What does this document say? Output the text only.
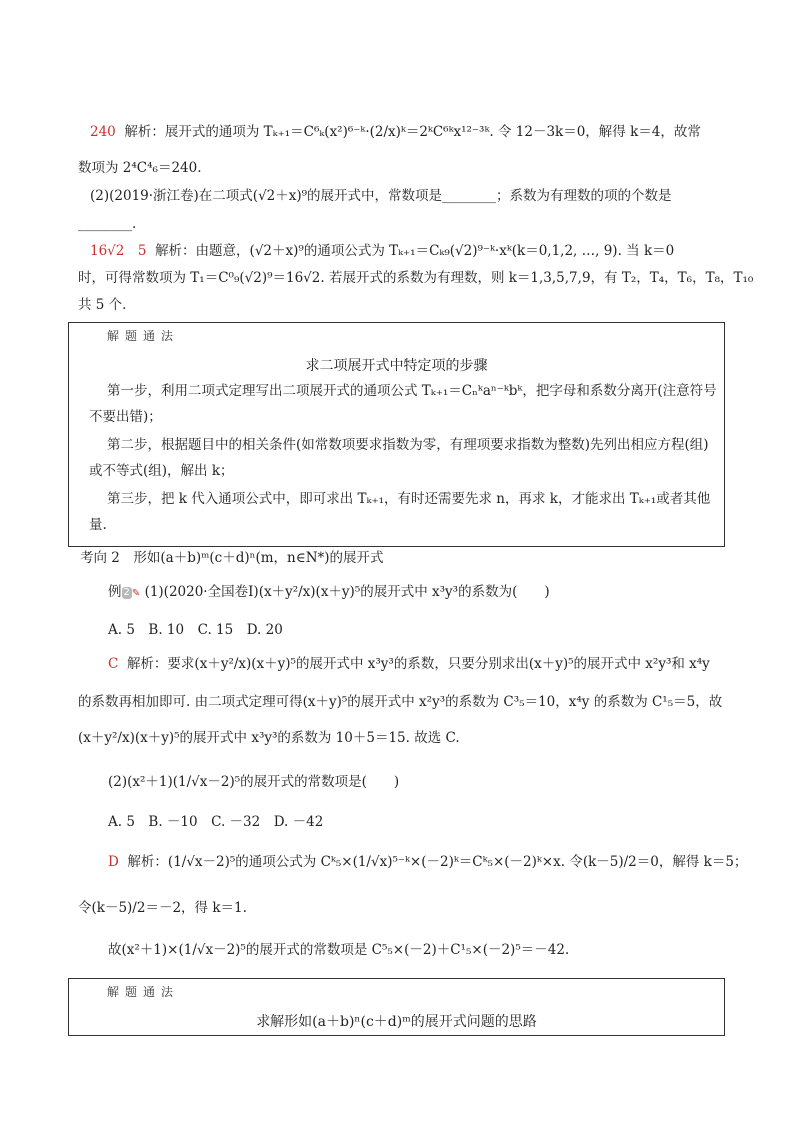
240 解析：展开式的通项为 Tₖ₊₁＝C⁶ₖ(x²)⁶⁻ᵏ·(2/x)ᵏ＝2ᵏC⁶ᵏx¹²⁻³ᵏ. 令 12－3k＝0，解得 k＝4，故常
数项为 2⁴C⁴₆＝240.
(2)(2019·浙江卷)在二项式(√2＋x)⁹的展开式中，常数项是________；系数为有理数的项的个数是
________.
16√2　5 解析：由题意，(√2＋x)⁹的通项公式为 Tₖ₊₁＝Cₖ₉(√2)⁹⁻ᵏ·xᵏ(k＝0,1,2, …, 9). 当 k＝0
时，可得常数项为 T₁＝C⁰₉(√2)⁹＝16√2. 若展开式的系数为有理数，则 k＝1,3,5,7,9，有 T₂，T₄，T₆，T₈，T₁₀
共 5 个.
解题通法
求二项展开式中特定项的步骤
第一步，利用二项式定理写出二项展开式的通项公式 Tₖ₊₁＝Cₙᵏaⁿ⁻ᵏbᵏ，把字母和系数分离开(注意符号
不要出错)；
第二步，根据题目中的相关条件(如常数项要求指数为零，有理项要求指数为整数)先列出相应方程(组)
或不等式(组)，解出 k；
第三步，把 k 代入通项公式中，即可求出 Tₖ₊₁，有时还需要先求 n，再求 k，才能求出 Tₖ₊₁或者其他
量.
考向 2　形如(a＋b)ᵐ(c＋d)ⁿ(m，n∈N*)的展开式
例 2 ✎ (1)(2020·全国卷Ⅰ)(x＋y²/x)(x＋y)⁵的展开式中 x³y³的系数为(　　)
A. 5　B. 10　C. 15　D. 20
C 解析：要求(x＋y²/x)(x＋y)⁵的展开式中 x³y³的系数，只要分别求出(x＋y)⁵的展开式中 x²y³和 x⁴y
的系数再相加即可. 由二项式定理可得(x＋y)⁵的展开式中 x²y³的系数为 C³₅＝10，x⁴y 的系数为 C¹₅＝5，故
(x＋y²/x)(x＋y)⁵的展开式中 x³y³的系数为 10＋5＝15. 故选 C.
(2)(x²＋1)(1/√x－2)⁵的展开式的常数项是(　　)
A. 5　B. －10　C. －32　D. －42
D 解析：(1/√x－2)⁵的通项公式为 Cᵏ₅×(1/√x)⁵⁻ᵏ×(－2)ᵏ＝Cᵏ₅×(－2)ᵏ×x. 令(k－5)/2＝0，解得 k＝5；
令(k－5)/2＝－2，得 k＝1.
故(x²＋1)×(1/√x－2)⁵的展开式的常数项是 C⁵₅×(－2)＋C¹₅×(－2)⁵＝－42.
解题通法
求解形如(a＋b)ⁿ(c＋d)ᵐ的展开式问题的思路
